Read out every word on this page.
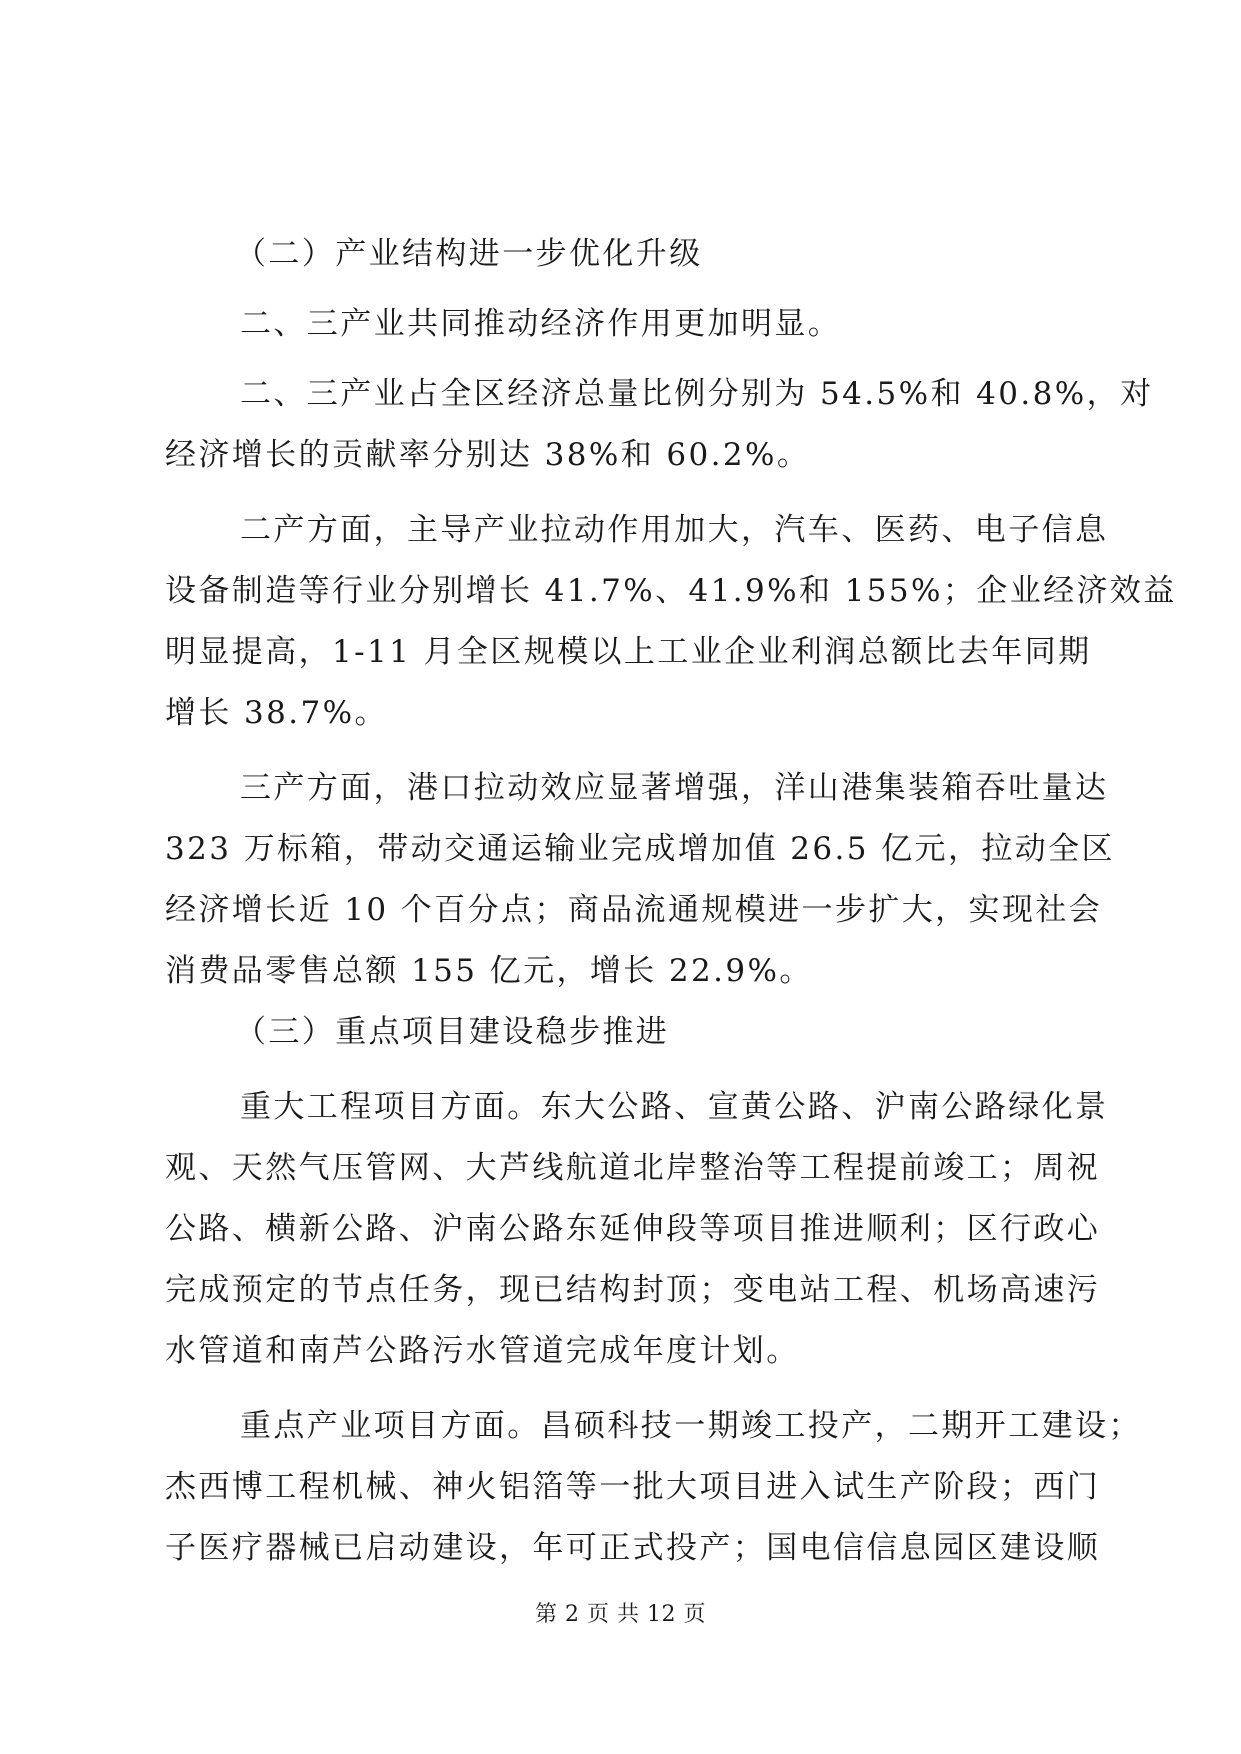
（二）产业结构进一步优化升级
二、三产业共同推动经济作用更加明显。
二、三产业占全区经济总量比例分别为 54.5%和 40.8%，对
经济增长的贡献率分别达 38%和 60.2%。
二产方面，主导产业拉动作用加大，汽车、医药、电子信息
设备制造等行业分别增长 41.7%、41.9%和 155%；企业经济效益
明显提高，1-11 月全区规模以上工业企业利润总额比去年同期
增长 38.7%。
三产方面，港口拉动效应显著增强，洋山港集装箱吞吐量达
323 万标箱，带动交通运输业完成增加值 26.5 亿元，拉动全区
经济增长近 10 个百分点；商品流通规模进一步扩大，实现社会
消费品零售总额 155 亿元，增长 22.9%。
（三）重点项目建设稳步推进
重大工程项目方面。东大公路、宣黄公路、沪南公路绿化景
观、天然气压管网、大芦线航道北岸整治等工程提前竣工；周祝
公路、横新公路、沪南公路东延伸段等项目推进顺利；区行政心
完成预定的节点任务，现已结构封顶；变电站工程、机场高速污
水管道和南芦公路污水管道完成年度计划。
重点产业项目方面。昌硕科技一期竣工投产，二期开工建设；
杰西博工程机械、神火铝箔等一批大项目进入试生产阶段；西门
子医疗器械已启动建设，年可正式投产；国电信信息园区建设顺
第 2 页 共 12 页
